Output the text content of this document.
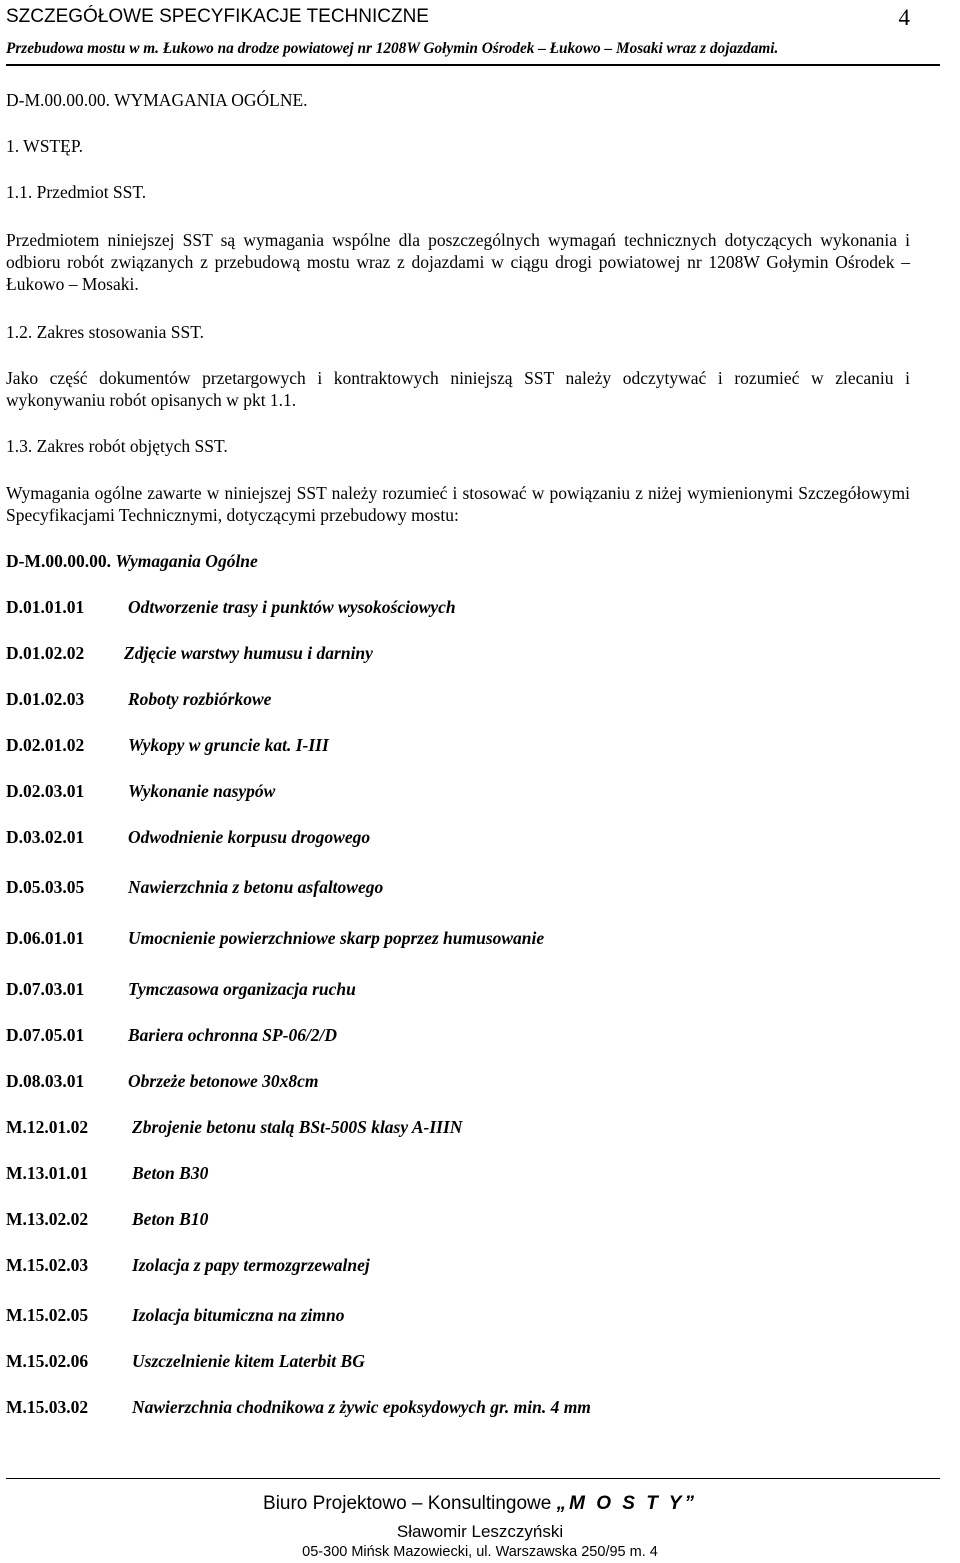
SZCZEGÓŁOWE SPECYFIKACJE TECHNICZNE	4
Przebudowa mostu w m. Łukowo na drodze powiatowej nr 1208W Gołymin Ośrodek – Łukowo – Mosaki wraz z dojazdami.
D-M.00.00.00. WYMAGANIA OGÓLNE.
1. WSTĘP.
1.1. Przedmiot SST.
Przedmiotem niniejszej SST są wymagania wspólne dla poszczególnych wymagań technicznych dotyczących wykonania i odbioru robót związanych z przebudową mostu wraz z dojazdami w ciągu drogi powiatowej nr 1208W Gołymin Ośrodek – Łukowo – Mosaki.
1.2. Zakres stosowania SST.
Jako część dokumentów przetargowych i kontraktowych niniejszą SST należy odczytywać i rozumieć w zlecaniu i wykonywaniu robót opisanych w pkt 1.1.
1.3. Zakres robót objętych SST.
Wymagania ogólne zawarte w niniejszej SST należy rozumieć i stosować w powiązaniu z niżej wymienionymi Szczegółowymi Specyfikacjami Technicznymi, dotyczącymi przebudowy mostu:
D-M.00.00.00. Wymagania Ogólne
D.01.01.01 Odtworzenie trasy i punktów wysokościowych
D.01.02.02 Zdjęcie warstwy humusu i darniny
D.01.02.03 Roboty rozbiórkowe
D.02.01.02 Wykopy w gruncie kat. I-III
D.02.03.01 Wykonanie nasypów
D.03.02.01 Odwodnienie korpusu drogowego
D.05.03.05 Nawierzchnia z betonu asfaltowego
D.06.01.01 Umocnienie powierzchniowe skarp poprzez humusowanie
D.07.03.01 Tymczasowa organizacja ruchu
D.07.05.01 Bariera ochronna SP-06/2/D
D.08.03.01 Obrzeże betonowe 30x8cm
M.12.01.02	Zbrojenie betonu stalą BSt-500S klasy A-IIIN
M.13.01.01	Beton B30
M.13.02.02	Beton B10
M.15.02.03	Izolacja z papy termozgrzewalnej
M.15.02.05	Izolacja bitumiczna na zimno
M.15.02.06	Uszczelnienie kitem Laterbit BG
M.15.03.02	Nawierzchnia chodnikowa z żywic epoksydowych gr. min. 4 mm
Biuro Projektowo – Konsultingowe „M O S T Y”
Sławomir Leszczyński
05-300 Mińsk Mazowiecki, ul. Warszawska 250/95 m. 4
